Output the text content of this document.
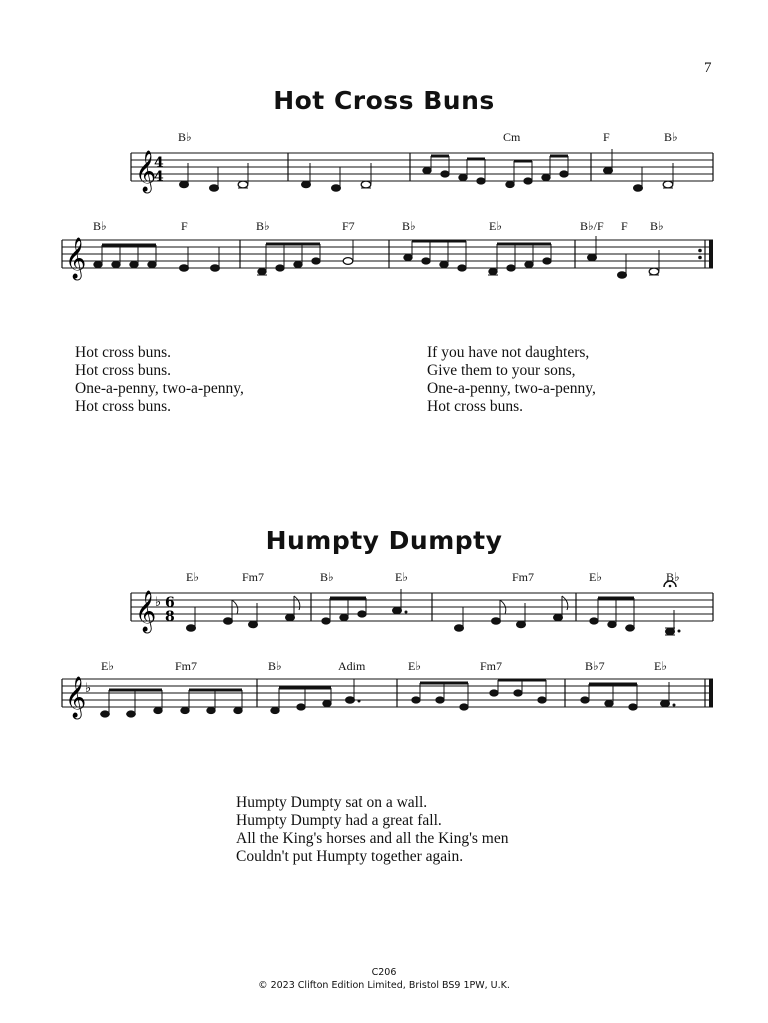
7
Hot Cross Buns
Humpty Dumpty
𝄞
4
4
B♭	Cm	F	B♭
𝄞
B♭	F	B♭	F7	B♭	E♭	B♭/F F B♭
𝄞
♭ 6
8
E♭	Fm7	B♭	E♭	Fm7	E♭	B♭
𝄞
♭
E♭	Fm7	B♭	Adim	E♭	Fm7	B♭7	E♭
Hot cross buns.
Hot cross buns.
One-a-penny, two-a-penny,
Hot cross buns.
If you have not daughters,
Give them to your sons,
One-a-penny, two-a-penny,
Hot cross buns.
Humpty Dumpty sat on a wall.
Humpty Dumpty had a great fall.
All the King's horses and all the King's men
Couldn't put Humpty together again.
C206
© 2023 Clifton Edition Limited, Bristol BS9 1PW, U.K.
